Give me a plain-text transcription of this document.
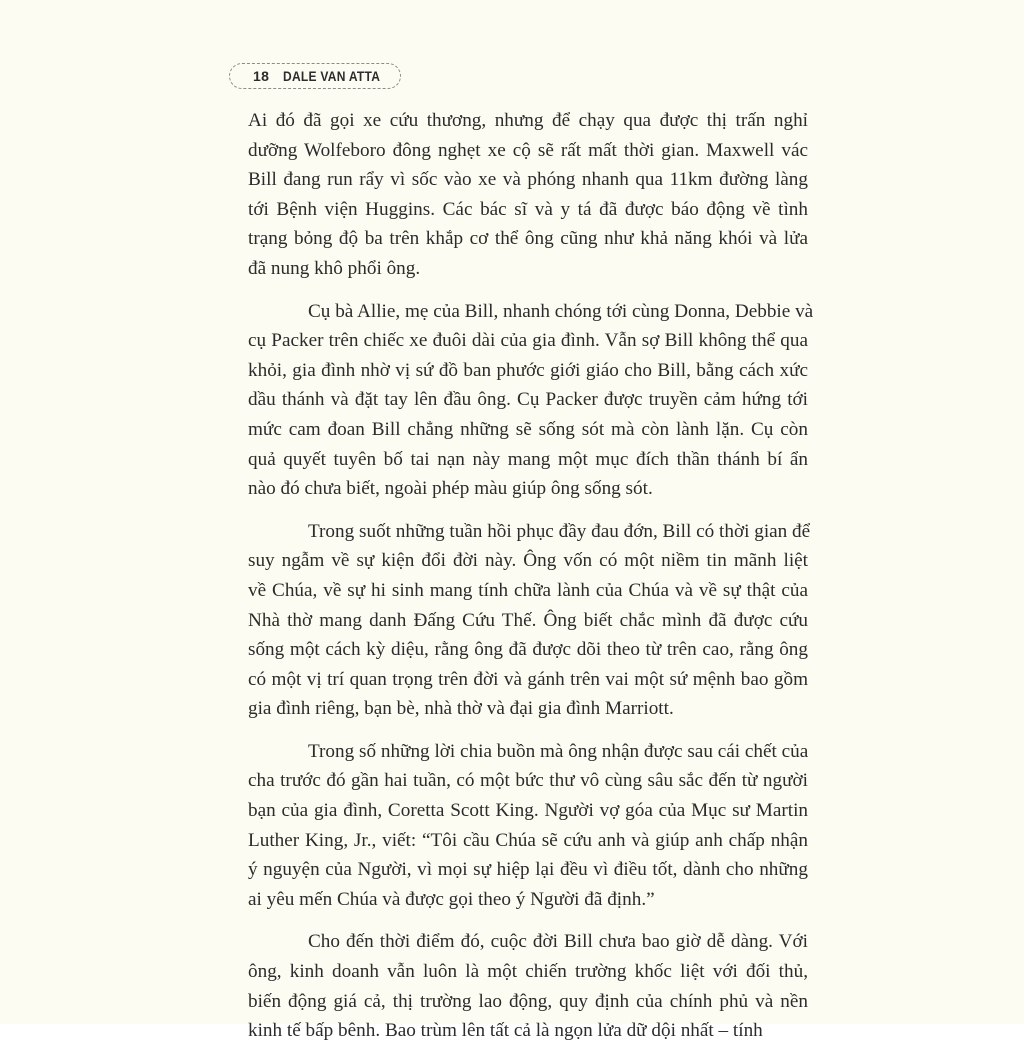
18 DALE VAN ATTA
Ai đó đã gọi xe cứu thương, nhưng để chạy qua được thị trấn nghỉ
dưỡng Wolfeboro đông nghẹt xe cộ sẽ rất mất thời gian. Maxwell vác
Bill đang run rẩy vì sốc vào xe và phóng nhanh qua 11km đường làng
tới Bệnh viện Huggins. Các bác sĩ và y tá đã được báo động về tình
trạng bỏng độ ba trên khắp cơ thể ông cũng như khả năng khói và lửa
đã nung khô phổi ông.
Cụ bà Allie, mẹ của Bill, nhanh chóng tới cùng Donna, Debbie và
cụ Packer trên chiếc xe đuôi dài của gia đình. Vẫn sợ Bill không thể qua
khỏi, gia đình nhờ vị sứ đồ ban phước giới giáo cho Bill, bằng cách xức
dầu thánh và đặt tay lên đầu ông. Cụ Packer được truyền cảm hứng tới
mức cam đoan Bill chẳng những sẽ sống sót mà còn lành lặn. Cụ còn
quả quyết tuyên bố tai nạn này mang một mục đích thần thánh bí ẩn
nào đó chưa biết, ngoài phép màu giúp ông sống sót.
Trong suốt những tuần hồi phục đầy đau đớn, Bill có thời gian để
suy ngẫm về sự kiện đổi đời này. Ông vốn có một niềm tin mãnh liệt
về Chúa, về sự hi sinh mang tính chữa lành của Chúa và về sự thật của
Nhà thờ mang danh Đấng Cứu Thế. Ông biết chắc mình đã được cứu
sống một cách kỳ diệu, rằng ông đã được dõi theo từ trên cao, rằng ông
có một vị trí quan trọng trên đời và gánh trên vai một sứ mệnh bao gồm
gia đình riêng, bạn bè, nhà thờ và đại gia đình Marriott.
Trong số những lời chia buồn mà ông nhận được sau cái chết của
cha trước đó gần hai tuần, có một bức thư vô cùng sâu sắc đến từ người
bạn của gia đình, Coretta Scott King. Người vợ góa của Mục sư Martin
Luther King, Jr., viết: “Tôi cầu Chúa sẽ cứu anh và giúp anh chấp nhận
ý nguyện của Người, vì mọi sự hiệp lại đều vì điều tốt, dành cho những
ai yêu mến Chúa và được gọi theo ý Người đã định.”
Cho đến thời điểm đó, cuộc đời Bill chưa bao giờ dễ dàng. Với
ông, kinh doanh vẫn luôn là một chiến trường khốc liệt với đối thủ,
biến động giá cả, thị trường lao động, quy định của chính phủ và nền
kinh tế bấp bênh. Bao trùm lên tất cả là ngọn lửa dữ dội nhất – tính
